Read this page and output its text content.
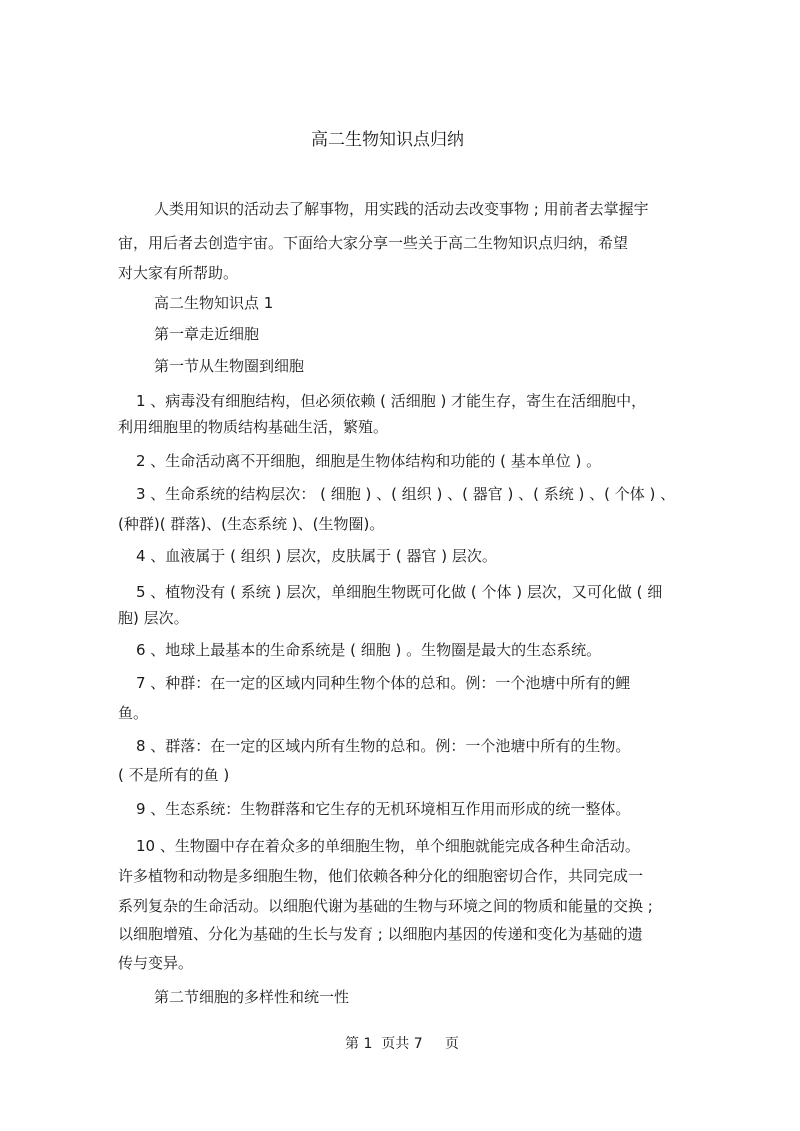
高二生物知识点归纳
人类用知识的活动去了解事物，用实践的活动去改变事物 ; 用前者去掌握宇
宙，用后者去创造宇宙。下面给大家分享一些关于高二生物知识点归纳，希望
对大家有所帮助。
高二生物知识点 1
第一章走近细胞
第一节从生物圈到细胞
1 、病毒没有细胞结构，但必须依赖 ( 活细胞 ) 才能生存，寄生在活细胞中，
利用细胞里的物质结构基础生活，繁殖。
2 、生命活动离不开细胞，细胞是生物体结构和功能的 ( 基本单位 ) 。
3 、生命系统的结构层次： ( 细胞 ) 、( 组织 ) 、( 器官 ) 、( 系统 ) 、( 个体 ) 、
(种群)( 群落)、(生态系统 )、(生物圈)。
4 、血液属于 ( 组织 ) 层次，皮肤属于 ( 器官 ) 层次。
5 、植物没有 ( 系统 ) 层次，单细胞生物既可化做 ( 个体 ) 层次，又可化做 ( 细
胞) 层次。
6 、地球上最基本的生命系统是 ( 细胞 ) 。生物圈是最大的生态系统。
7 、种群：在一定的区域内同种生物个体的总和。例：一个池塘中所有的鲤
鱼。
8 、群落：在一定的区域内所有生物的总和。例：一个池塘中所有的生物。
( 不是所有的鱼 )
9 、生态系统：生物群落和它生存的无机环境相互作用而形成的统一整体。
10 、生物圈中存在着众多的单细胞生物，单个细胞就能完成各种生命活动。
许多植物和动物是多细胞生物，他们依赖各种分化的细胞密切合作，共同完成一
系列复杂的生命活动。以细胞代谢为基础的生物与环境之间的物质和能量的交换 ;
以细胞增殖、分化为基础的生长与发育 ; 以细胞内基因的传递和变化为基础的遗
传与变异。
第二节细胞的多样性和统一性
第 1  页共 7     页
